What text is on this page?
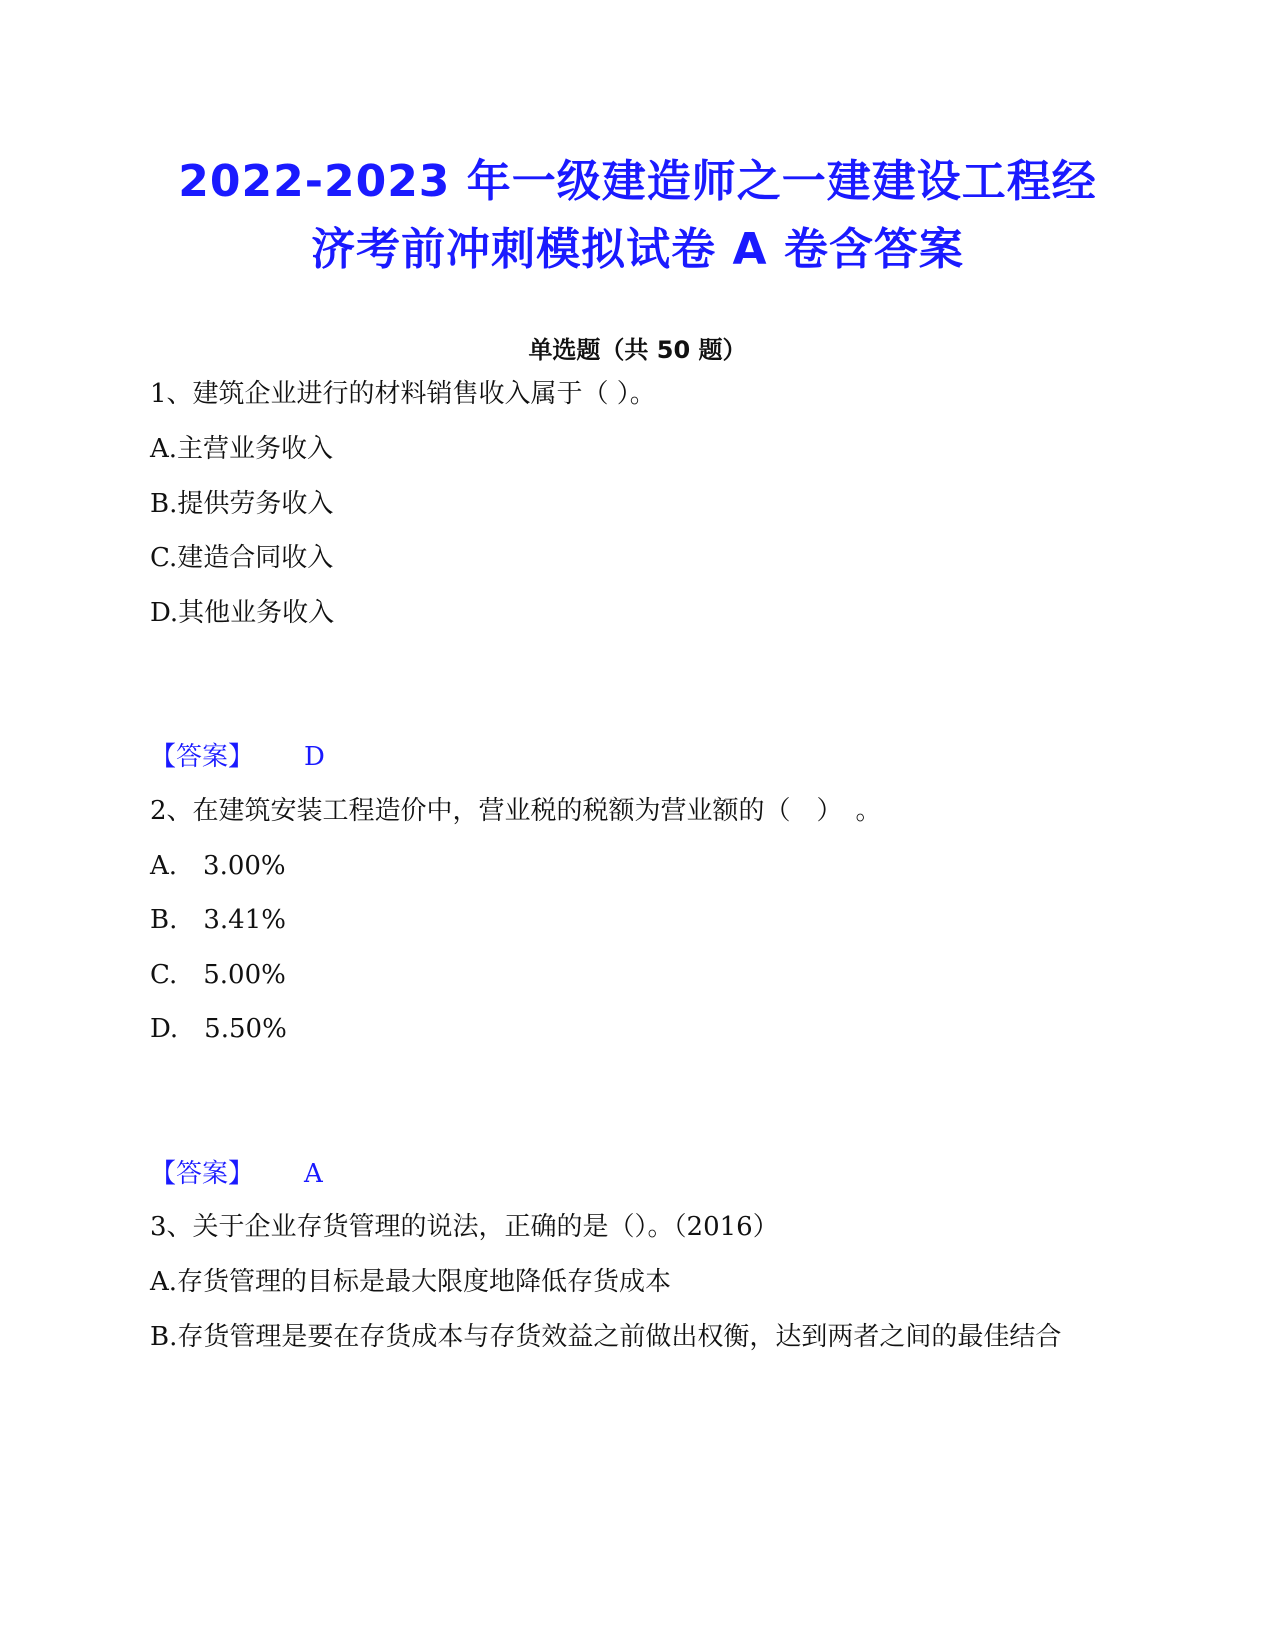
2022-2023 年一级建造师之一建建设工程经
济考前冲刺模拟试卷 A 卷含答案
单选题（共 50 题）
1、建筑企业进行的材料销售收入属于（ ）。
A.主营业务收入
B.提供劳务收入
C.建造合同收入
D.其他业务收入
【答案】 D
2、在建筑安装工程造价中，营业税的税额为营业额的（　）　。
A.　3.00%
B.　3.41%
C.　5.00%
D.　5.50%
【答案】 A
3、关于企业存货管理的说法，正确的是（）。（2016）
A.存货管理的目标是最大限度地降低存货成本
B.存货管理是要在存货成本与存货效益之前做出权衡，达到两者之间的最佳结合
